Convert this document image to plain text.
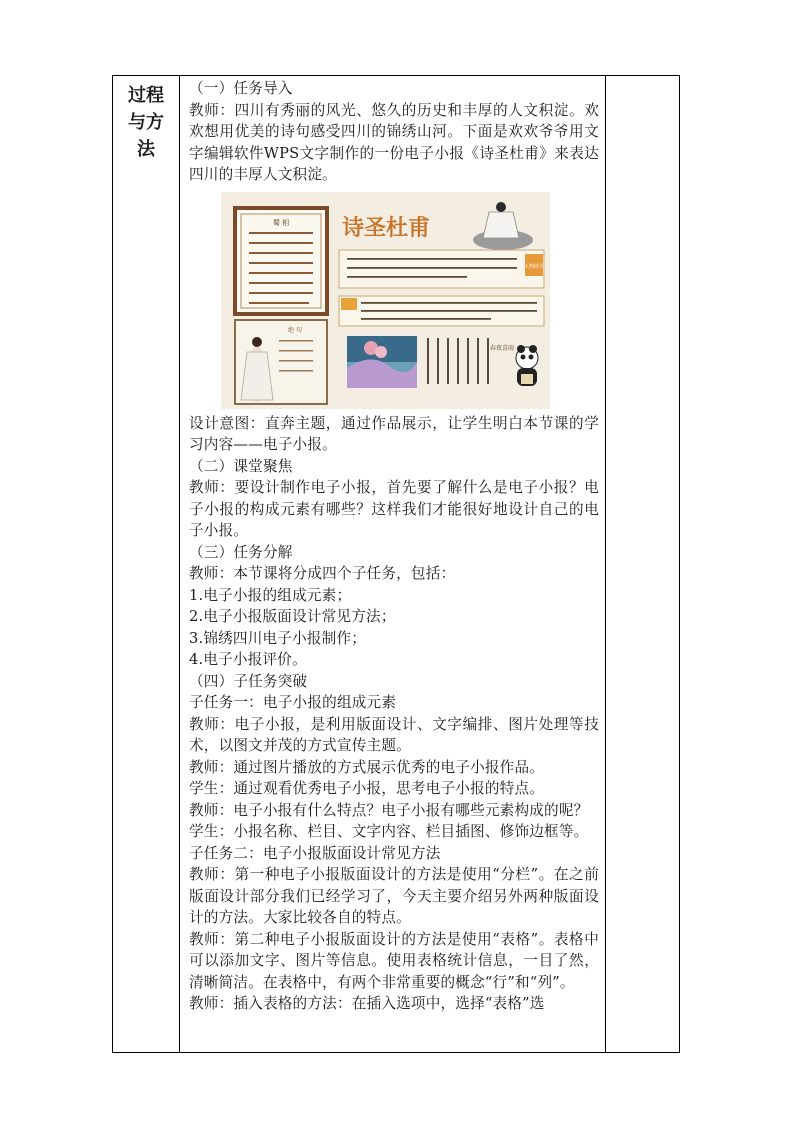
过程
与方
法

（一）任务导入

教师：四川有秀丽的风光、悠久的历史和丰厚的人文积淀。欢欢想用优美的诗句感受四川的锦绣山河。下面是欢欢爷爷用文字编辑软件WPS文字制作的一份电子小报《诗圣杜甫》来表达四川的丰厚人文积淀。

蜀 相
绝 句
诗圣杜甫
人物简介
春夜喜雨

设计意图：直奔主题，通过作品展示，让学生明白本节课的学习内容——电子小报。

（二）课堂聚焦

教师：要设计制作电子小报，首先要了解什么是电子小报？电子小报的构成元素有哪些？这样我们才能很好地设计自己的电子小报。

（三）任务分解

教师：本节课将分成四个子任务，包括：

1.电子小报的组成元素；

2.电子小报版面设计常见方法；

3.锦绣四川电子小报制作；

4.电子小报评价。

（四）子任务突破

子任务一：电子小报的组成元素

教师：电子小报，是利用版面设计、文字编排、图片处理等技术，以图文并茂的方式宣传主题。

教师：通过图片播放的方式展示优秀的电子小报作品。

学生：通过观看优秀电子小报，思考电子小报的特点。

教师：电子小报有什么特点？电子小报有哪些元素构成的呢？

学生：小报名称、栏目、文字内容、栏目插图、修饰边框等。

子任务二：电子小报版面设计常见方法

教师：第一种电子小报版面设计的方法是使用“分栏”。在之前版面设计部分我们已经学习了，今天主要介绍另外两种版面设计的方法。大家比较各自的特点。

教师：第二种电子小报版面设计的方法是使用“表格”。表格中可以添加文字、图片等信息。使用表格统计信息，一目了然，清晰简洁。在表格中，有两个非常重要的概念“行”和“列”。

教师：插入表格的方法：在插入选项中，选择“表格”选
